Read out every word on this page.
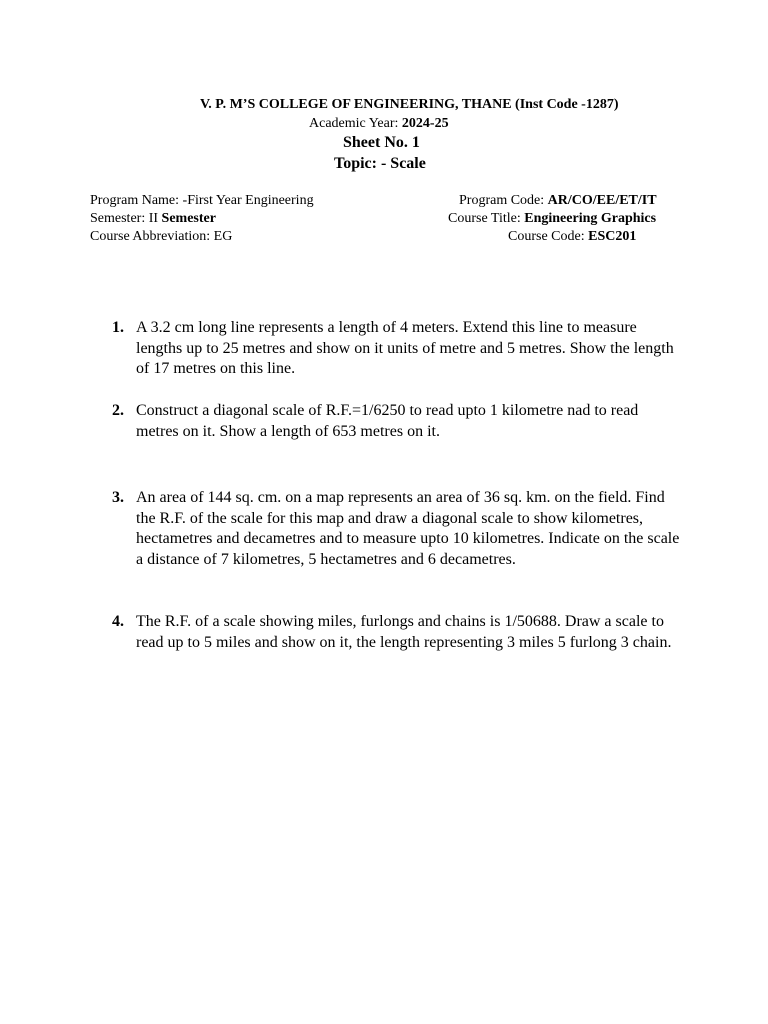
V. P. M’S COLLEGE OF ENGINEERING, THANE (Inst Code -1287)
Academic Year: 2024-25
Sheet No. 1
Topic: - Scale
Program Name: -First Year Engineering
Semester: II Semester
Course Abbreviation: EG
Program Code: AR/CO/EE/ET/IT
Course Title: Engineering Graphics
Course Code: ESC201
1. A 3.2 cm long line represents a length of 4 meters. Extend this line to measure lengths up to 25 metres and show on it units of metre and 5 metres. Show the length of 17 metres on this line.
2. Construct a diagonal scale of R.F.=1/6250 to read upto 1 kilometre nad to read metres on it. Show a length of 653 metres on it.
3. An area of 144 sq. cm. on a map represents an area of 36 sq. km. on the field. Find the R.F. of the scale for this map and draw a diagonal scale to show kilometres, hectametres and decametres and to measure upto 10 kilometres. Indicate on the scale a distance of 7 kilometres, 5 hectametres and 6 decametres.
4. The R.F. of a scale showing miles, furlongs and chains is 1/50688. Draw a scale to read up to 5 miles and show on it, the length representing 3 miles 5 furlong 3 chain.
